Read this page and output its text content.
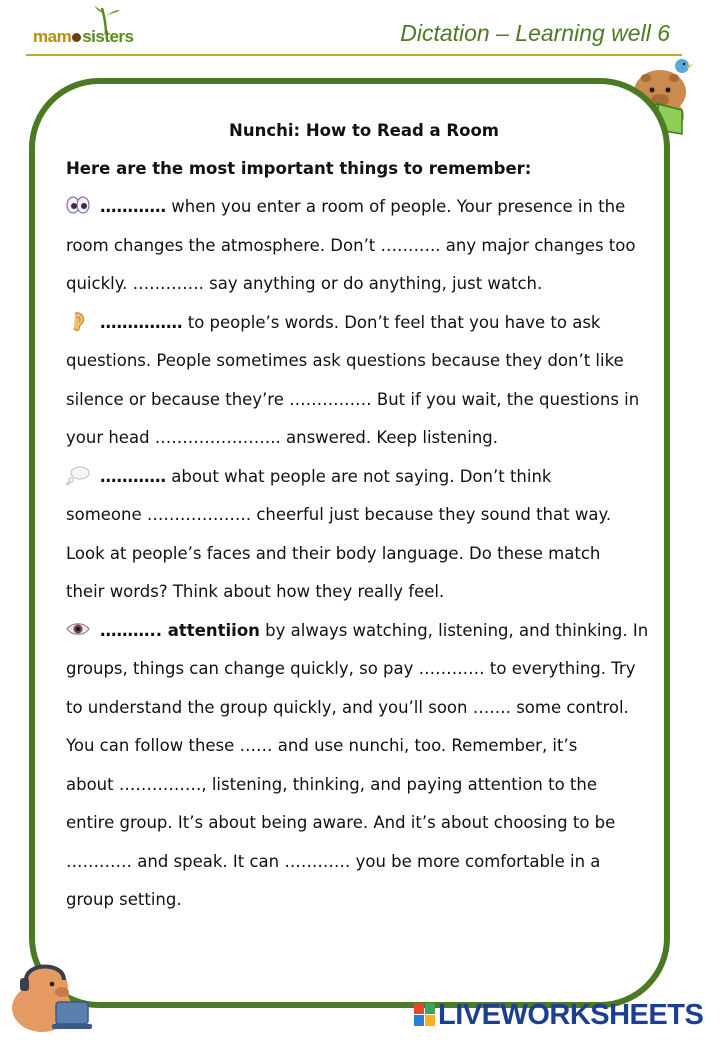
mam sisters	Dictation – Learning well 6
Nunchi: How to Read a Room
Here are the most important things to remember:
………… when you enter a room of people. Your presence in the
room changes the atmosphere. Don’t ……….. any major changes too
quickly. …………. say anything or do anything, just watch.
…………… to people’s words. Don’t feel that you have to ask
questions. People sometimes ask questions because they don’t like
silence or because they’re …………… But if you wait, the questions in
your head ………………….. answered. Keep listening.
………… about what people are not saying. Don’t think
someone ………………. cheerful just because they sound that way.
Look at people’s faces and their body language. Do these match
their words? Think about how they really feel.
……….. attentiion by always watching, listening, and thinking. In
groups, things can change quickly, so pay ………… to everything. Try
to understand the group quickly, and you’ll soon ……. some control.
You can follow these …… and use nunchi, too. Remember, it’s
about ……………, listening, thinking, and paying attention to the
entire group. It’s about being aware. And it’s about choosing to be
………… and speak. It can ………… you be more comfortable in a
group setting.
LIVEWORKSHEETS
